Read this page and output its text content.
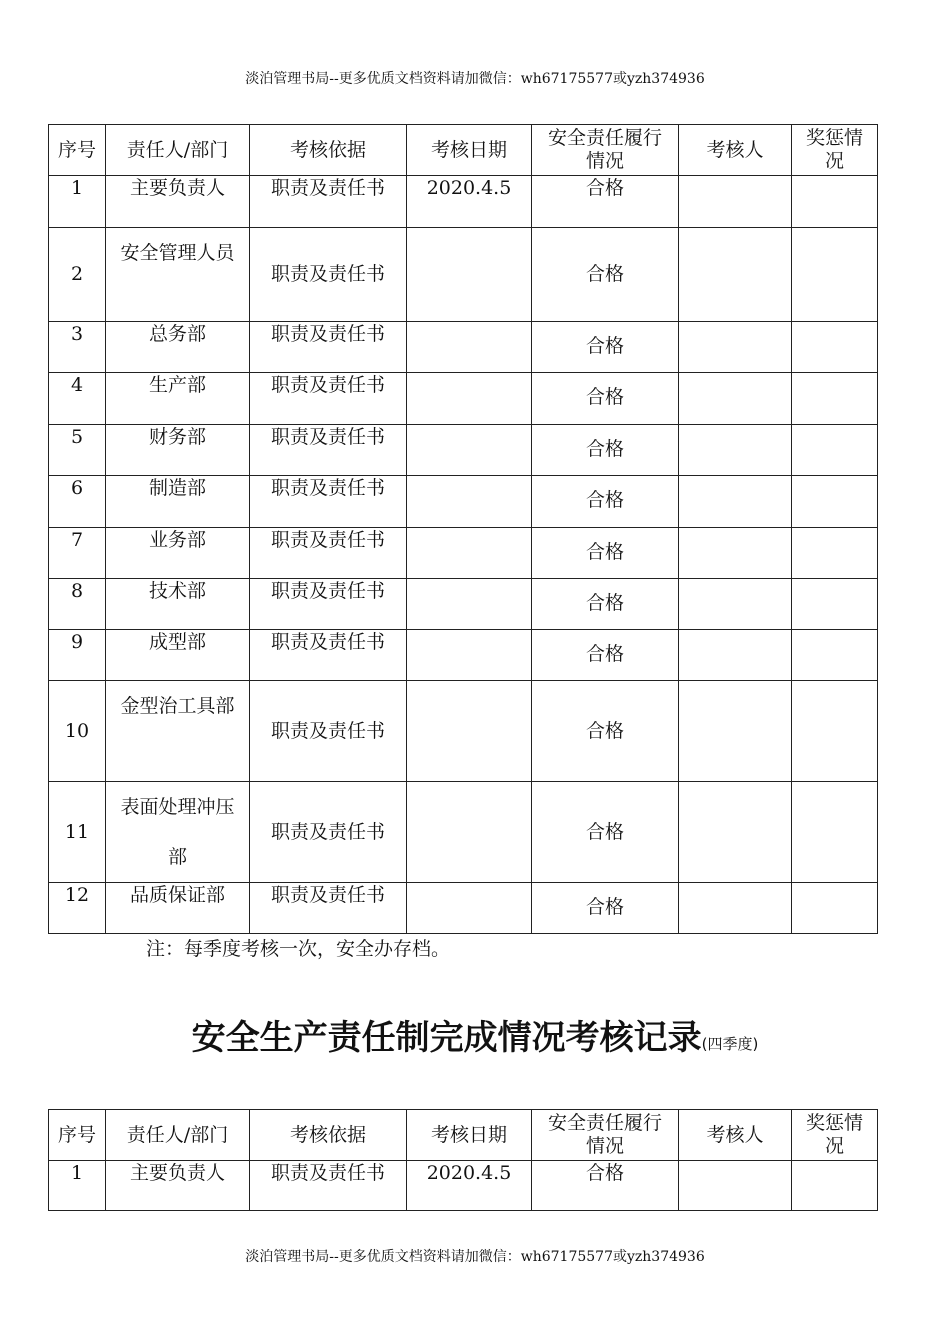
淡泊管理书局--更多优质文档资料请加微信：wh67175577或yzh374936
序号	责任人/部门	考核依据	考核日期	安全责任履行情况	考核人	奖惩情况
1	主要负责人	职责及责任书	2020.4.5	合格		
2	安全管理人员	职责及责任书		合格		
3	总务部	职责及责任书		合格		
4	生产部	职责及责任书		合格		
5	财务部	职责及责任书		合格		
6	制造部	职责及责任书		合格		
7	业务部	职责及责任书		合格		
8	技术部	职责及责任书		合格		
9	成型部	职责及责任书		合格		
10	金型治工具部	职责及责任书		合格		
11	表面处理冲压部	职责及责任书		合格		
12	品质保证部	职责及责任书		合格		
注：每季度考核一次，安全办存档。
安全生产责任制完成情况考核记录(四季度)
序号	责任人/部门	考核依据	考核日期	安全责任履行情况	考核人	奖惩情况
1	主要负责人	职责及责任书	2020.4.5	合格		
淡泊管理书局--更多优质文档资料请加微信：wh67175577或yzh374936
